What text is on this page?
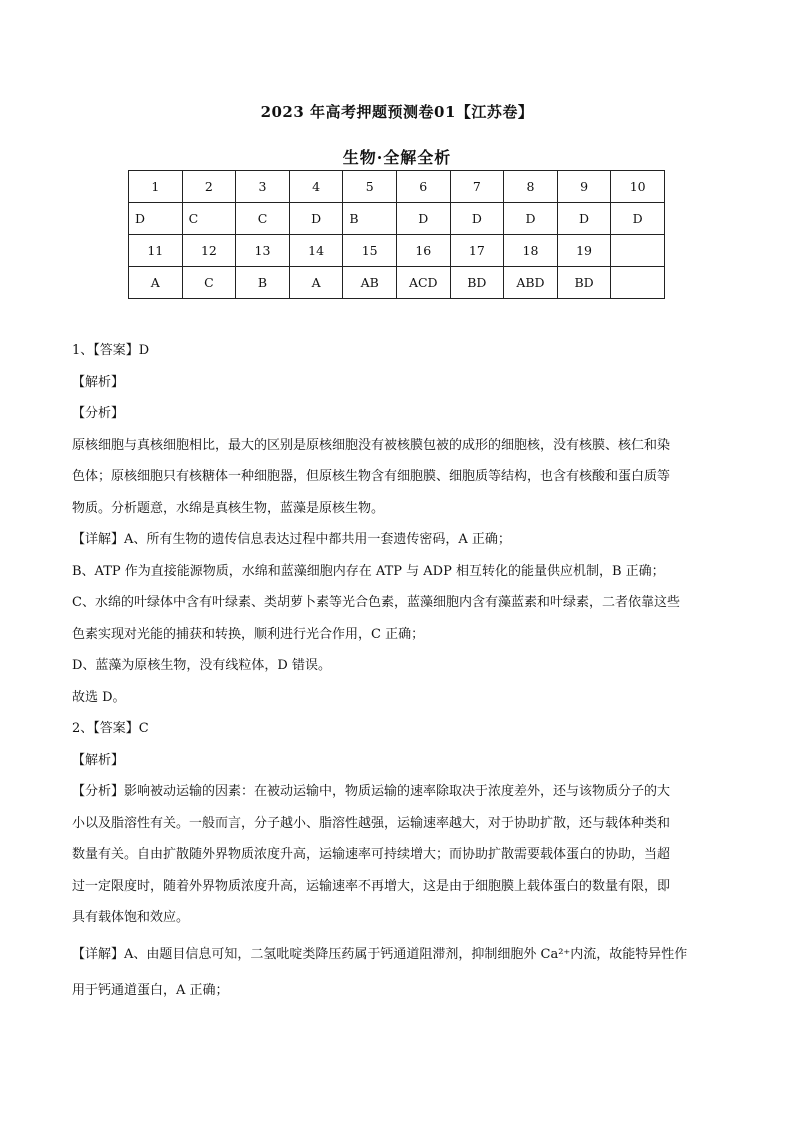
2023 年高考押题预测卷01【江苏卷】
生物·全解全析
1	2	3	4	5	6	7	8	9	10
D	C	C	D	B	D	D	D	D	D
11	12	13	14	15	16	17	18	19	
A	C	B	A	AB	ACD	BD	ABD	BD	

1、【答案】D

【解析】

【分析】

原核细胞与真核细胞相比，最大的区别是原核细胞没有被核膜包被的成形的细胞核，没有核膜、核仁和染

色体；原核细胞只有核糖体一种细胞器，但原核生物含有细胞膜、细胞质等结构，也含有核酸和蛋白质等

物质。分析题意，水绵是真核生物，蓝藻是原核生物。

【详解】A、所有生物的遗传信息表达过程中都共用一套遗传密码，A 正确；

B、ATP 作为直接能源物质，水绵和蓝藻细胞内存在 ATP 与 ADP 相互转化的能量供应机制，B 正确；

C、水绵的叶绿体中含有叶绿素、类胡萝卜素等光合色素，蓝藻细胞内含有藻蓝素和叶绿素，二者依靠这些

色素实现对光能的捕获和转换，顺利进行光合作用，C 正确；

D、蓝藻为原核生物，没有线粒体，D 错误。

故选 D。

2、【答案】C

【解析】

【分析】影响被动运输的因素：在被动运输中，物质运输的速率除取决于浓度差外，还与该物质分子的大

小以及脂溶性有关。一般而言，分子越小、脂溶性越强，运输速率越大，对于协助扩散，还与载体种类和

数量有关。自由扩散随外界物质浓度升高，运输速率可持续增大；而协助扩散需要载体蛋白的协助，当超

过一定限度时，随着外界物质浓度升高，运输速率不再增大，这是由于细胞膜上载体蛋白的数量有限，即

具有载体饱和效应。

【详解】A、由题目信息可知，二氢吡啶类降压药属于钙通道阻滞剂，抑制细胞外 Ca²⁺内流，故能特异性作

用于钙通道蛋白，A 正确；
